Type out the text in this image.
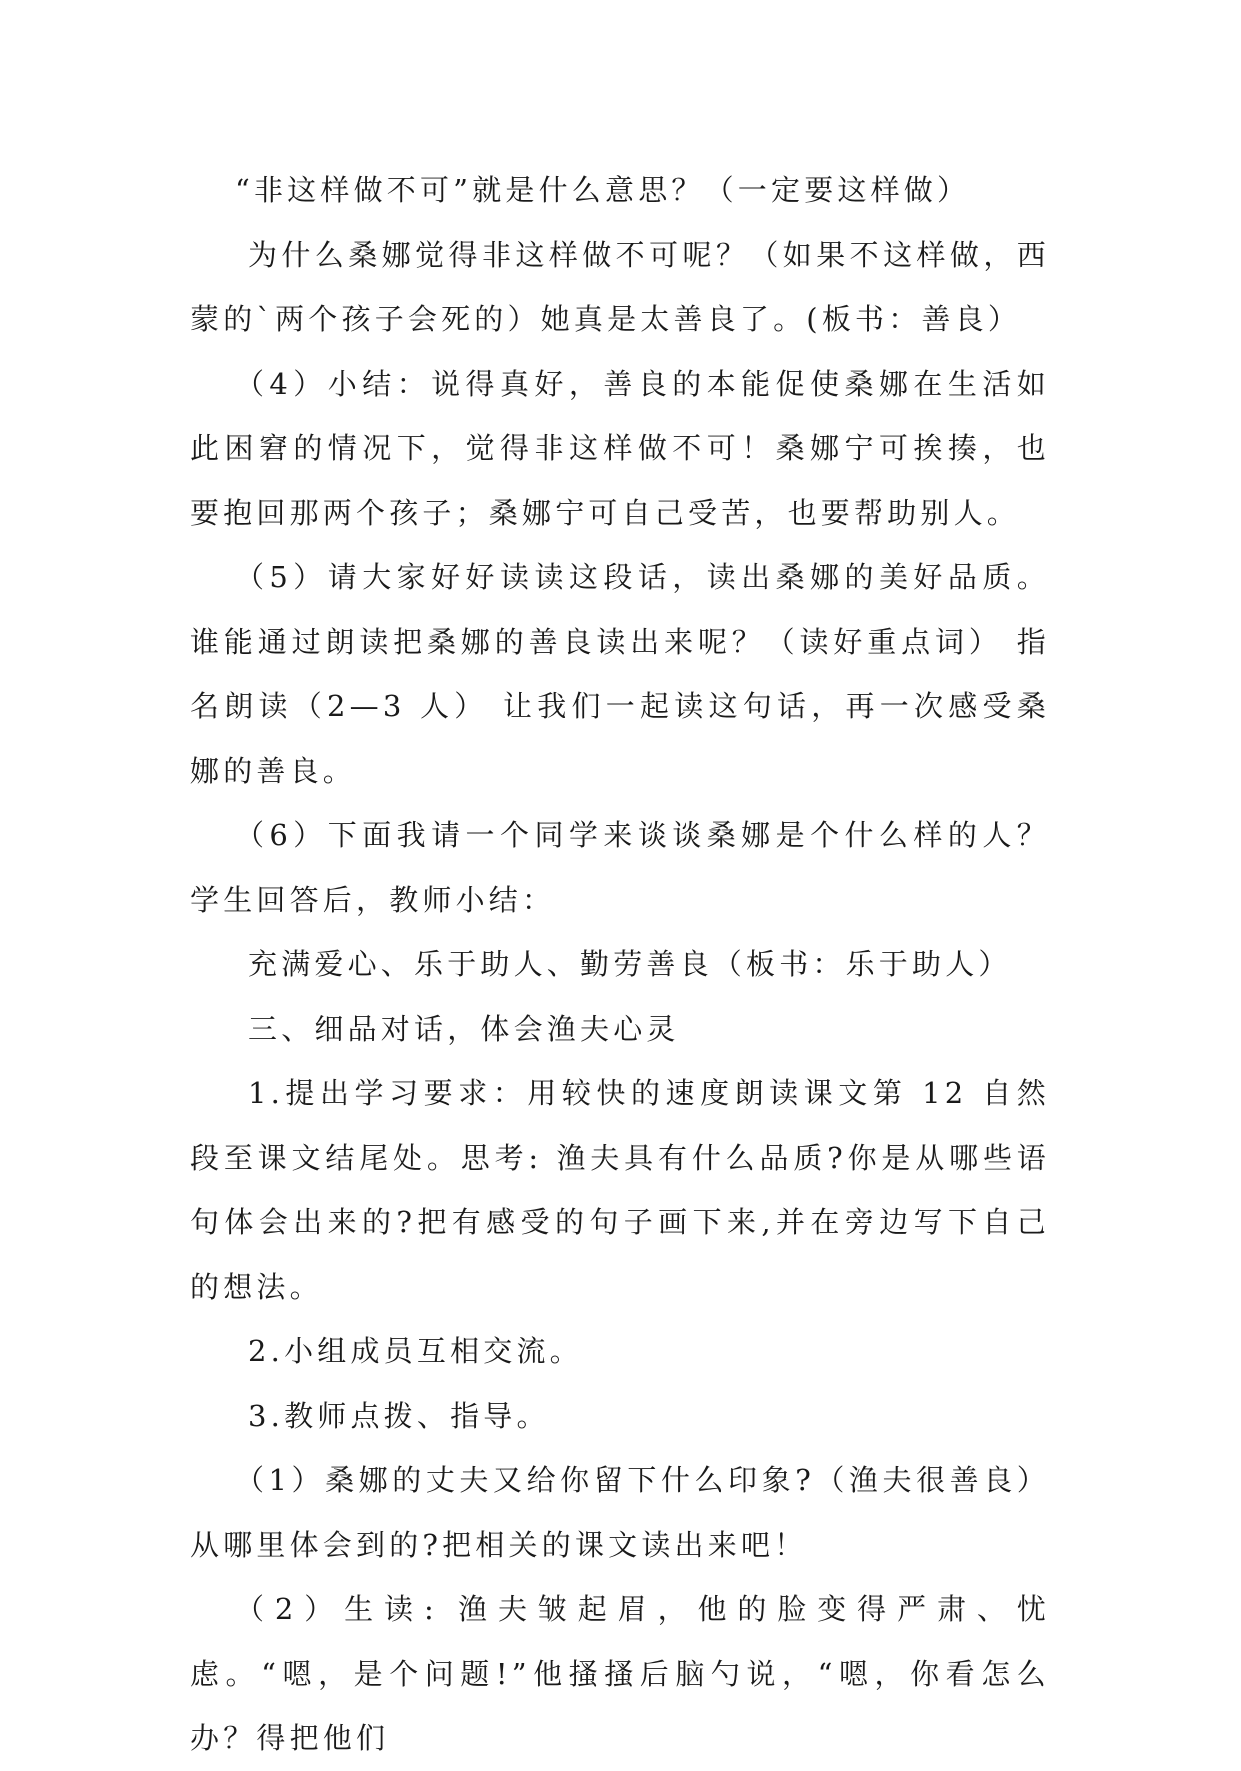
“非这样做不可”就是什么意思？（一定要这样做）

为什么桑娜觉得非这样做不可呢？（如果不这样做，西蒙的`两个孩子会死的）她真是太善良了。(板书：善良）

（4）小结：说得真好，善良的本能促使桑娜在生活如此困窘的情况下，觉得非这样做不可！桑娜宁可挨揍，也要抱回那两个孩子；桑娜宁可自己受苦，也要帮助别人。

（5）请大家好好读读这段话，读出桑娜的美好品质。谁能通过朗读把桑娜的善良读出来呢？（读好重点词） 指名朗读（2—3 人） 让我们一起读这句话，再一次感受桑娜的善良。

（6）下面我请一个同学来谈谈桑娜是个什么样的人？学生回答后，教师小结：

充满爱心、乐于助人、勤劳善良（板书：乐于助人）

三、细品对话，体会渔夫心灵

1.提出学习要求：用较快的速度朗读课文第 12 自然段至课文结尾处。思考: 渔夫具有什么品质?你是从哪些语句体会出来的?把有感受的句子画下来,并在旁边写下自己的想法。

2.小组成员互相交流。

3.教师点拨、指导。

（1）桑娜的丈夫又给你留下什么印象?（渔夫很善良）从哪里体会到的?把相关的课文读出来吧！

（2）生读: 渔夫皱起眉，他的脸变得严肃、忧虑。“嗯，是个问题!”他搔搔后脑勺说，“嗯，你看怎么办？得把他们
